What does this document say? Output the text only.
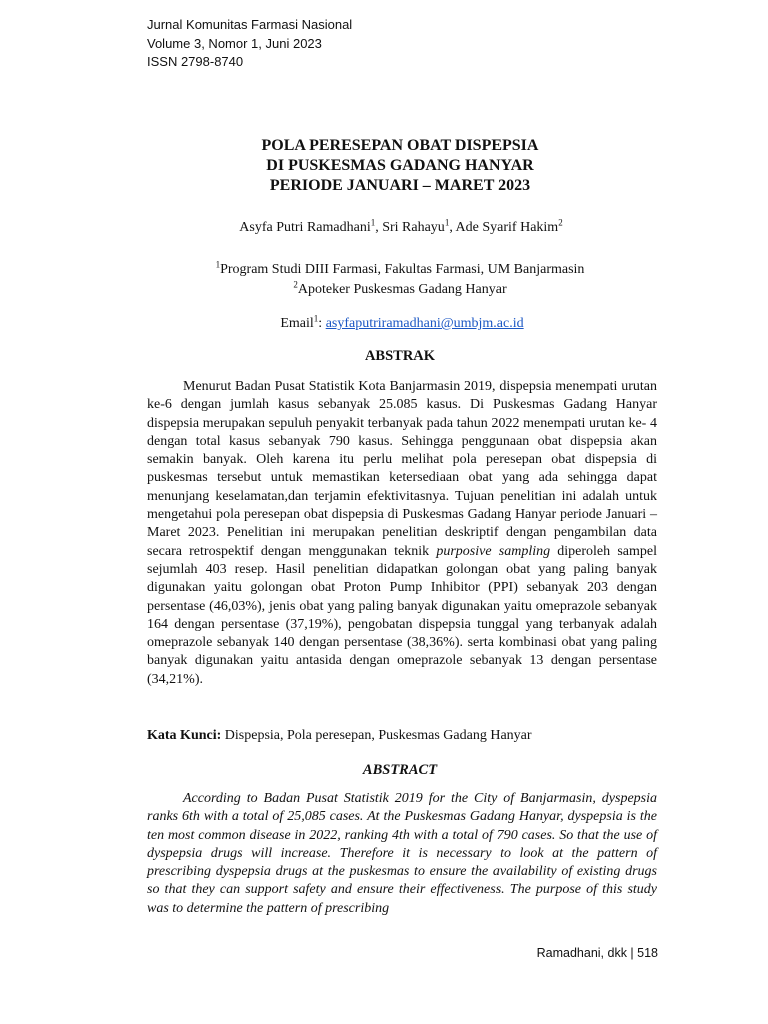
Jurnal Komunitas Farmasi Nasional
Volume 3, Nomor 1, Juni 2023
ISSN 2798-8740
POLA PERESEPAN OBAT DISPEPSIA
DI PUSKESMAS GADANG HANYAR
PERIODE JANUARI – MARET 2023
Asyfa Putri Ramadhani$^1$, Sri Rahayu$^1$, Ade Syarif Hakim$^2$
$^1$Program Studi DIII Farmasi, Fakultas Farmasi, UM Banjarmasin
$^2$Apoteker Puskesmas Gadang Hanyar
Email$^1$: asyfaputriramadhani@umbjm.ac.id
ABSTRAK

Menurut Badan Pusat Statistik Kota Banjarmasin 2019, dispepsia menempati urutan ke-6 dengan jumlah kasus sebanyak 25.085 kasus. Di Puskesmas Gadang Hanyar dispepsia merupakan sepuluh penyakit terbanyak pada tahun 2022 menempati urutan ke- 4 dengan total kasus sebanyak 790 kasus. Sehingga penggunaan obat dispepsia akan semakin banyak. Oleh karena itu perlu melihat pola peresepan obat dispepsia di puskesmas tersebut untuk memastikan ketersediaan obat yang ada sehingga dapat menunjang keselamatan,dan terjamin efektivitasnya. Tujuan penelitian ini adalah untuk mengetahui pola peresepan obat dispepsia di Puskesmas Gadang Hanyar periode Januari – Maret 2023. Penelitian ini merupakan penelitian deskriptif dengan pengambilan data secara retrospektif dengan menggunakan teknik purposive sampling diperoleh sampel sejumlah 403 resep. Hasil penelitian didapatkan golongan obat yang paling banyak digunakan yaitu golongan obat Proton Pump Inhibitor (PPI) sebanyak 203 dengan persentase (46,03%), jenis obat yang paling banyak digunakan yaitu omeprazole sebanyak 164 dengan persentase (37,19%), pengobatan dispepsia tunggal yang terbanyak adalah omeprazole sebanyak 140 dengan persentase (38,36%). serta kombinasi obat yang paling banyak digunakan yaitu antasida dengan omeprazole sebanyak 13 dengan persentase (34,21%).

Kata Kunci: Dispepsia, Pola peresepan, Puskesmas Gadang Hanyar
ABSTRACT

According to Badan Pusat Statistik 2019 for the City of Banjarmasin, dyspepsia ranks 6th with a total of 25,085 cases. At the Puskesmas Gadang Hanyar, dyspepsia is the ten most common disease in 2022, ranking 4th with a total of 790 cases. So that the use of dyspepsia drugs will increase. Therefore it is necessary to look at the pattern of prescribing dyspepsia drugs at the puskesmas to ensure the availability of existing drugs so that they can support safety and ensure their effectiveness. The purpose of this study was to determine the pattern of prescribing

Ramadhani, dkk | 518
